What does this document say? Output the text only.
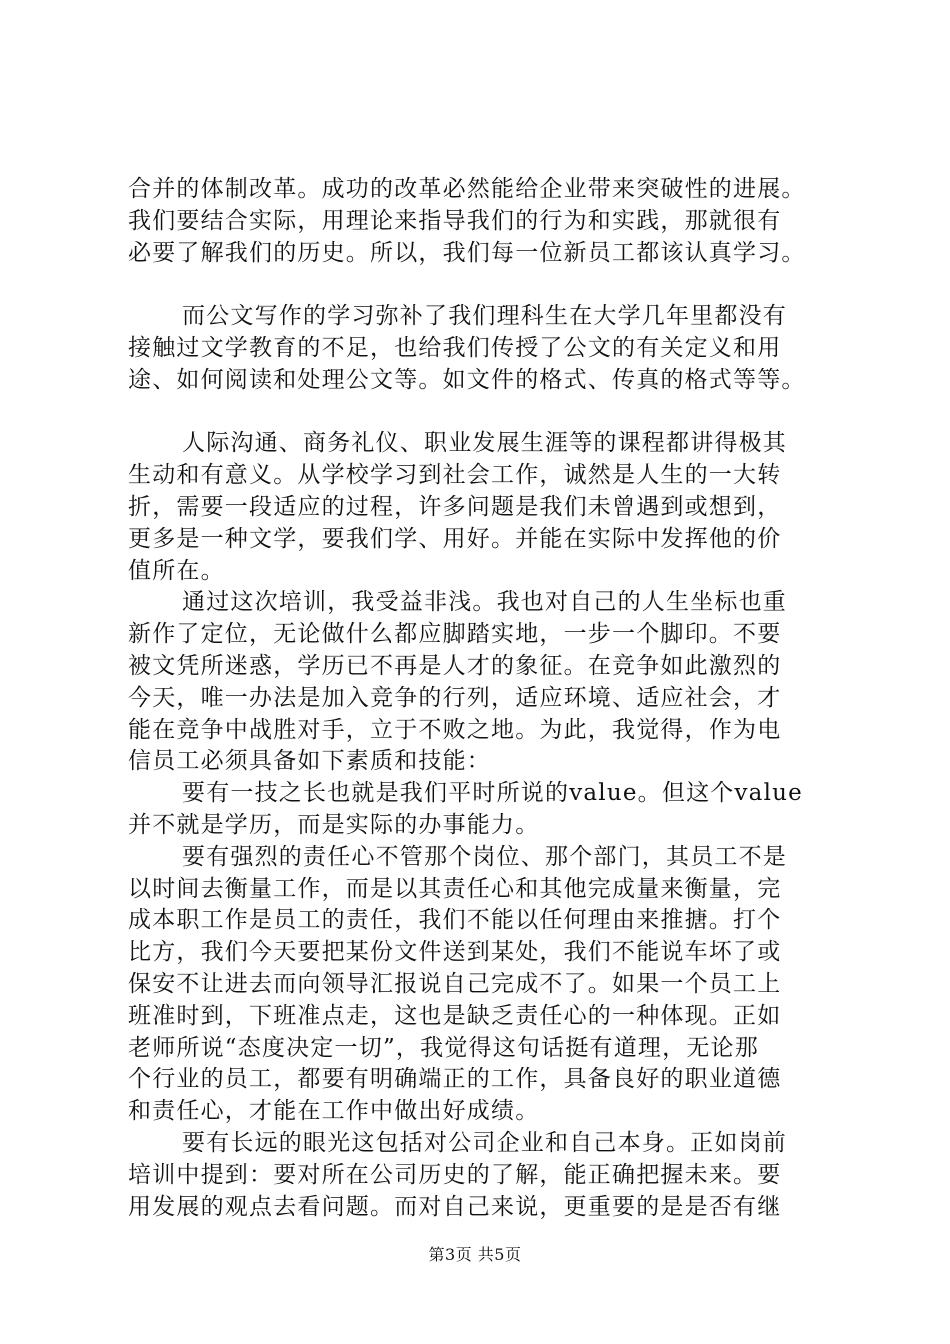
合并的体制改革。成功的改革必然能给企业带来突破性的进展。
我们要结合实际，用理论来指导我们的行为和实践，那就很有
必要了解我们的历史。所以，我们每一位新员工都该认真学习。
而公文写作的学习弥补了我们理科生在大学几年里都没有
接触过文学教育的不足，也给我们传授了公文的有关定义和用
途、如何阅读和处理公文等。如文件的格式、传真的格式等等。
人际沟通、商务礼仪、职业发展生涯等的课程都讲得极其
生动和有意义。从学校学习到社会工作，诚然是人生的一大转
折，需要一段适应的过程，许多问题是我们未曾遇到或想到，
更多是一种文学，要我们学、用好。并能在实际中发挥他的价
值所在。
通过这次培训，我受益非浅。我也对自己的人生坐标也重
新作了定位，无论做什么都应脚踏实地，一步一个脚印。不要
被文凭所迷惑，学历已不再是人才的象征。在竞争如此激烈的
今天，唯一办法是加入竞争的行列，适应环境、适应社会，才
能在竞争中战胜对手，立于不败之地。为此，我觉得，作为电
信员工必须具备如下素质和技能：
要有一技之长也就是我们平时所说的value。但这个value
并不就是学历，而是实际的办事能力。
要有强烈的责任心不管那个岗位、那个部门，其员工不是
以时间去衡量工作，而是以其责任心和其他完成量来衡量，完
成本职工作是员工的责任，我们不能以任何理由来推搪。打个
比方，我们今天要把某份文件送到某处，我们不能说车坏了或
保安不让进去而向领导汇报说自己完成不了。如果一个员工上
班准时到，下班准点走，这也是缺乏责任心的一种体现。正如
老师所说“态度决定一切”，我觉得这句话挺有道理，无论那
个行业的员工，都要有明确端正的工作，具备良好的职业道德
和责任心，才能在工作中做出好成绩。
要有长远的眼光这包括对公司企业和自己本身。正如岗前
培训中提到：要对所在公司历史的了解，能正确把握未来。要
用发展的观点去看问题。而对自己来说，更重要的是是否有继
第3页 共5页
